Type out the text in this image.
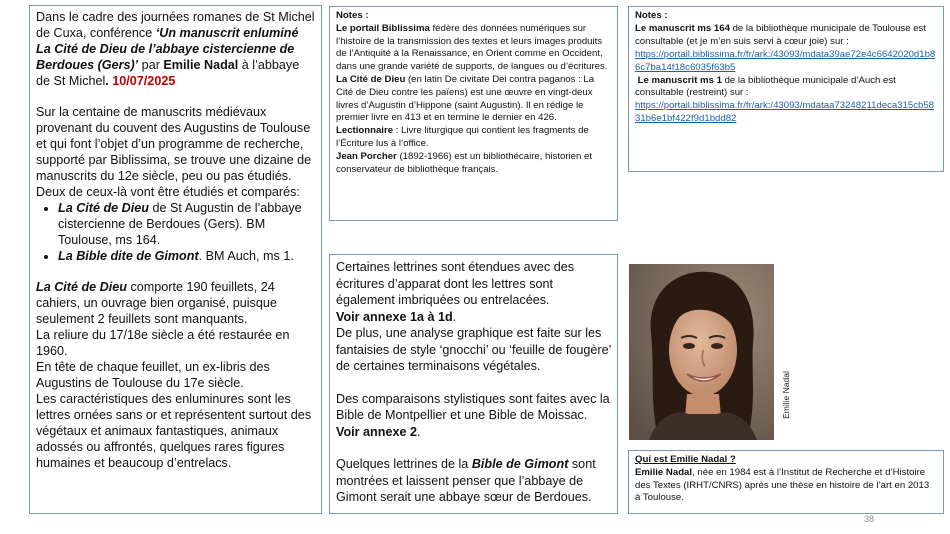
Dans le cadre des journées romanes de St Michel de Cuxa, conférence ‘Un manuscrit enluminé La Cité de Dieu de l’abbaye cistercienne de Berdoues (Gers)’ par Emilie Nadal à l’abbaye de St Michel. 10/07/2025

Sur la centaine de manuscrits médiévaux provenant du couvent des Augustins de Toulouse et qui font l’objet d’un programme de recherche, supporté par Biblissima, se trouve une dizaine de manuscrits du 12e siècle, peu ou pas étudiés.

Deux de ceux-là vont être étudiés et comparés:

• La Cité de Dieu de St Augustin de l’abbaye cistercienne de Berdoues (Gers). BM Toulouse, ms 164.
• La Bible dite de Gimont. BM Auch, ms 1.

La Cité de Dieu comporte 190 feuillets, 24 cahiers, un ouvrage bien organisé, puisque seulement 2 feuillets sont manquants.

La reliure du 17/18e siècle a été restaurée en 1960.

En tête de chaque feuillet, un ex-libris des Augustins de Toulouse du 17e siècle.

Les caractéristiques des enluminures sont les lettres ornées sans or et représentent surtout des végétaux et animaux fantastiques, animaux adossés ou affrontés, quelques rares figures humaines et beaucoup d’entrelacs.

Notes :

Le portail Biblissima fédère des données numériques sur l’histoire de la transmission des textes et leurs images produits de l’Antiquité à la Renaissance, en Orient comme en Occident, dans une grande variété de supports, de langues ou d’écritures.

La Cité de Dieu (en latin De civitate Dei contra paganos : La Cité de Dieu contre les païens) est une œuvre en vingt-deux livres d’Augustin d’Hippone (saint Augustin). Il en rédige le premier livre en 413 et en termine le dernier en 426.

Lectionnaire : Livre liturgique qui contient les fragments de l’Écriture lus à l’office.

Jean Porcher (1892-1966) est un bibliothécaire, historien et conservateur de bibliothèque français.

Notes :

Le manuscrit ms 164 de la bibliothèque municipale de Toulouse est consultable (et je m’en suis servi à cœur joie) sur :

https://portail.biblissima.fr/fr/ark:/43093/mdata39ae72e4c6642020d1b86c7ba14f18c6035f63b5

Le manuscrit ms 1 de la bibliothèque municipale d’Auch est consultable (restreint) sur :

https://portail.biblissima.fr/fr/ark:/43093/mdataa73248211deca315cb5831b6e1bf422f9d1bdd82

Certaines lettrines sont étendues avec des écritures d’apparat dont les lettres sont également imbriquées ou entrelacées.

Voir annexe 1a à 1d.

De plus, une analyse graphique est faite sur les fantaisies de style ‘gnocchi’ ou ‘feuille de fougère’ de certaines terminaisons végétales.

Des comparaisons stylistiques sont faites avec la Bible de Montpellier et une Bible de Moissac.

Voir annexe 2.

Quelques lettrines de la Bible de Gimont sont montrées et laissent penser que l’abbaye de Gimont serait une abbaye sœur de Berdoues.

Emilie Nadal

Qui est Emilie Nadal ?

Emilie Nadal, née en 1984 est à l’Institut de Recherche et d’Histoire des Textes (IRHT/CNRS) après une thèse en histoire de l’art en 2013 à Toulouse.

38
